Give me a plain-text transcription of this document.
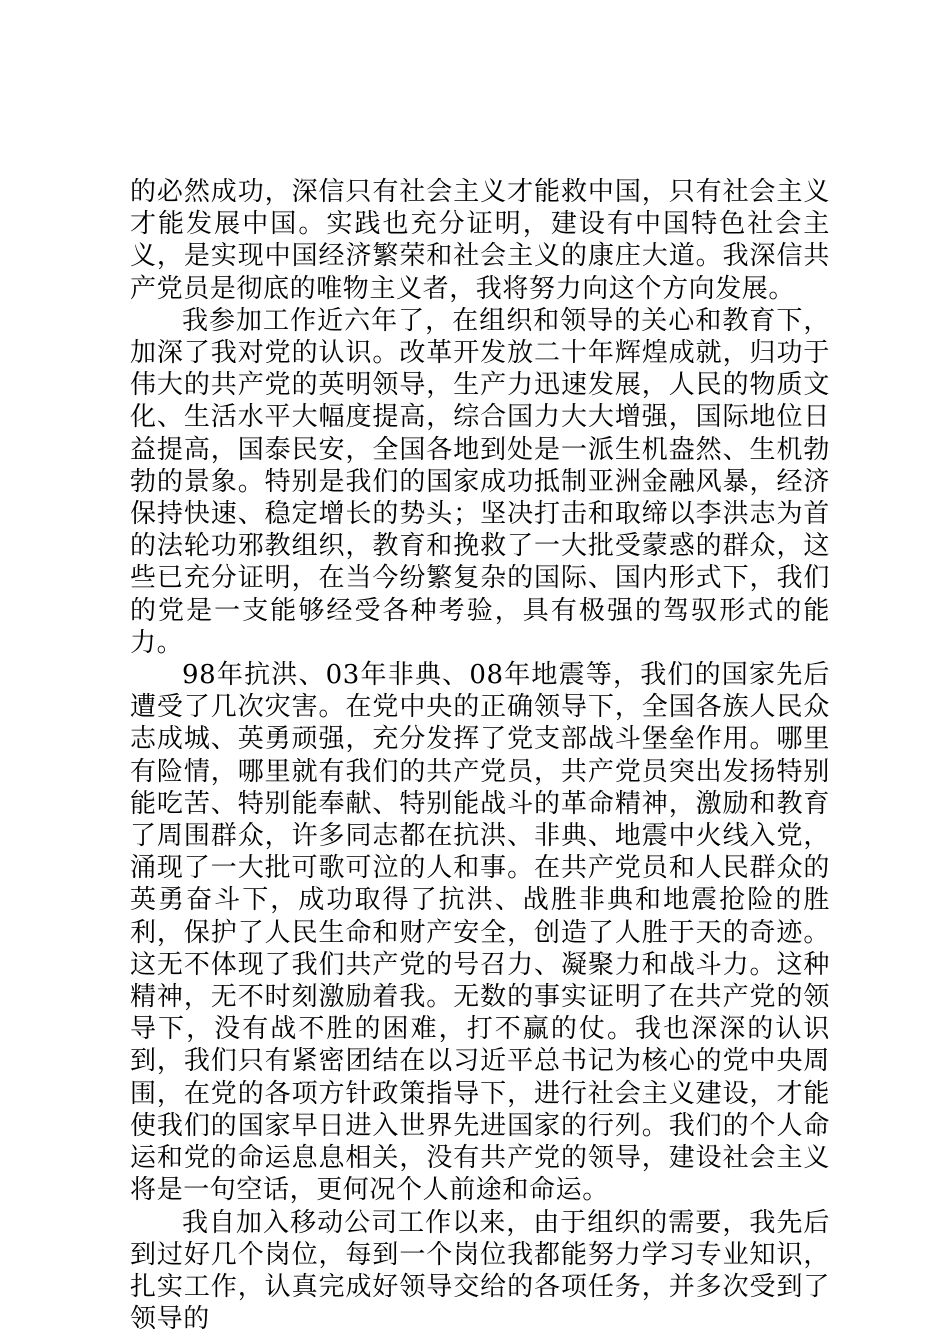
的必然成功，深信只有社会主义才能救中国，只有社会主义才能发展中国。实践也充分证明，建设有中国特色社会主义，是实现中国经济繁荣和社会主义的康庄大道。我深信共产党员是彻底的唯物主义者，我将努力向这个方向发展。

我参加工作近六年了，在组织和领导的关心和教育下，加深了我对党的认识。改革开发放二十年辉煌成就，归功于伟大的共产党的英明领导，生产力迅速发展，人民的物质文化、生活水平大幅度提高，综合国力大大增强，国际地位日益提高，国泰民安，全国各地到处是一派生机盎然、生机勃勃的景象。特别是我们的国家成功抵制亚洲金融风暴，经济保持快速、稳定增长的势头；坚决打击和取缔以李洪志为首的法轮功邪教组织，教育和挽救了一大批受蒙惑的群众，这些已充分证明，在当今纷繁复杂的国际、国内形式下，我们的党是一支能够经受各种考验，具有极强的驾驭形式的能力。

98年抗洪、03年非典、08年地震等，我们的国家先后遭受了几次灾害。在党中央的正确领导下，全国各族人民众志成城、英勇顽强，充分发挥了党支部战斗堡垒作用。哪里有险情，哪里就有我们的共产党员，共产党员突出发扬特别能吃苦、特别能奉献、特别能战斗的革命精神，激励和教育了周围群众，许多同志都在抗洪、非典、地震中火线入党，涌现了一大批可歌可泣的人和事。在共产党员和人民群众的英勇奋斗下，成功取得了抗洪、战胜非典和地震抢险的胜利，保护了人民生命和财产安全，创造了人胜于天的奇迹。这无不体现了我们共产党的号召力、凝聚力和战斗力。这种精神，无不时刻激励着我。无数的事实证明了在共产党的领导下，没有战不胜的困难，打不赢的仗。我也深深的认识到，我们只有紧密团结在以习近平总书记为核心的党中央周围，在党的各项方针政策指导下，进行社会主义建设，才能使我们的国家早日进入世界先进国家的行列。我们的个人命运和党的命运息息相关，没有共产党的领导，建设社会主义将是一句空话，更何况个人前途和命运。

我自加入移动公司工作以来，由于组织的需要，我先后到过好几个岗位，每到一个岗位我都能努力学习专业知识，扎实工作，认真完成好领导交给的各项任务，并多次受到了领导的
